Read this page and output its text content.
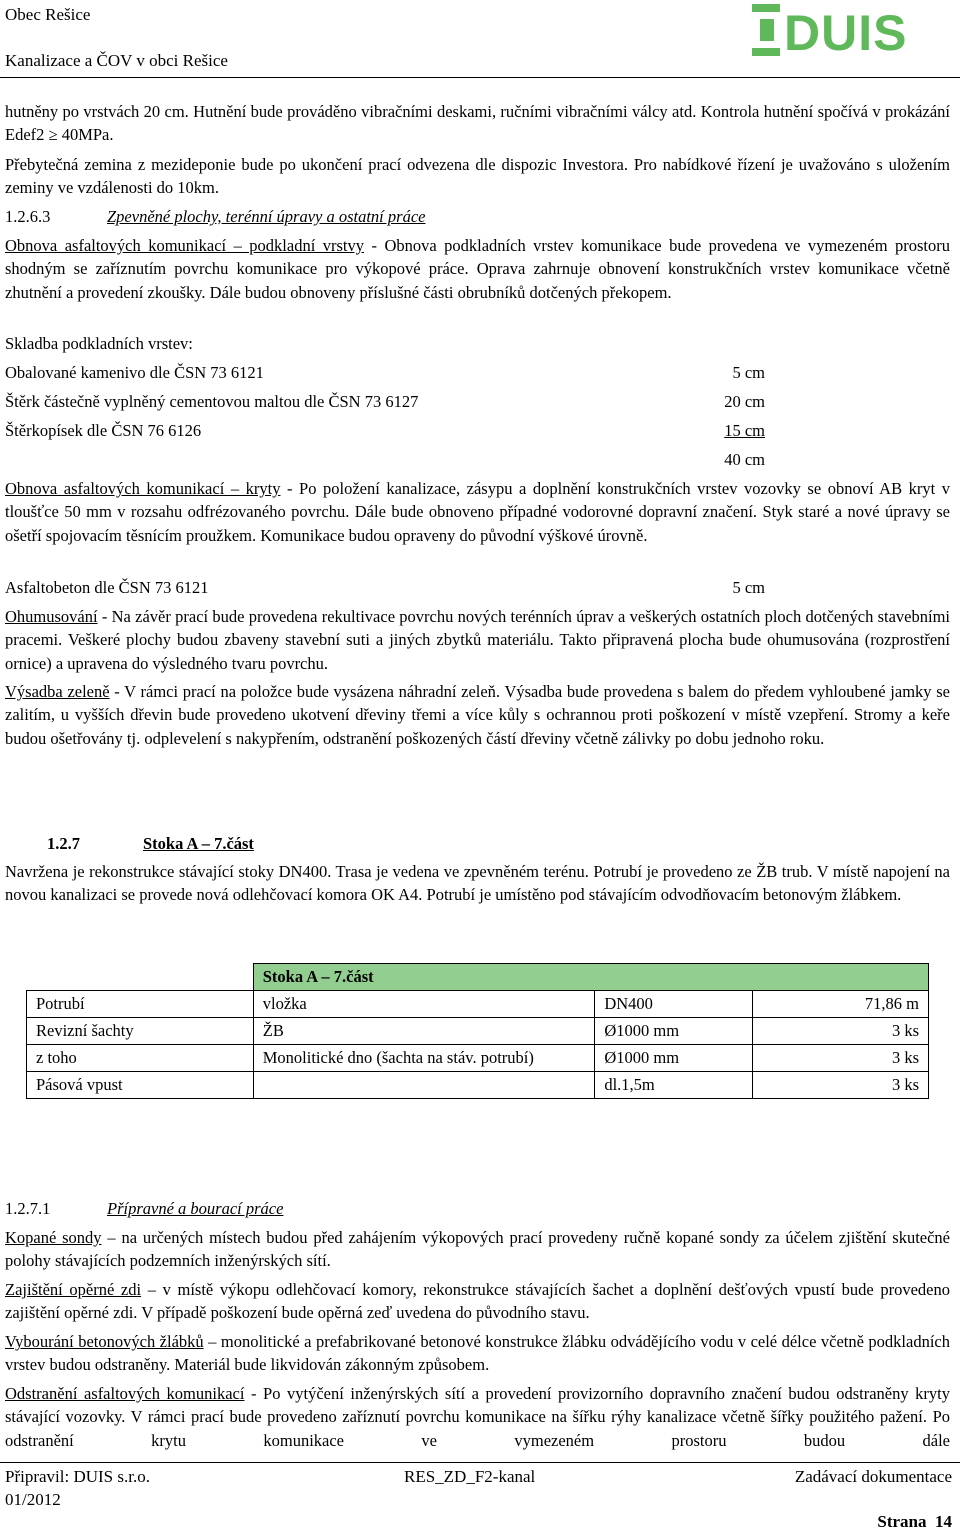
Obec Rešice
Kanalizace a ČOV v obci Rešice	DUIS

hutněny po vrstvách 20 cm. Hutnění bude prováděno vibračními deskami, ručními vibračními válcy atd. Kontrola hutnění spočívá v prokázání Edef2 ≥ 40MPa.

Přebytečná zemina z mezideponie bude po ukončení prací odvezena dle dispozic Investora. Pro nabídkové řízení je uvažováno s uložením zeminy ve vzdálenosti do 10km.

1.2.6.3	Zpevněné plochy, terénní úpravy a ostatní práce

Obnova asfaltových komunikací – podkladní vrstvy - Obnova podkladních vrstev komunikace bude provedena ve vymezeném prostoru shodným se zaříznutím povrchu komunikace pro výkopové práce. Oprava zahrnuje obnovení konstrukčních vrstev komunikace včetně zhutnění a provedení zkoušky. Dále budou obnoveny příslušné části obrubníků dotčených překopem.

Skladba podkladních vrstev:

Obalované kamenivo dle ČSN 73 6121	5 cm
Štěrk částečně vyplněný cementovou maltou dle ČSN 73 6127	20 cm
Štěrkopísek dle ČSN 76 6126	15 cm
40 cm

Obnova asfaltových komunikací – kryty - Po položení kanalizace, zásypu a doplnění konstrukčních vrstev vozovky se obnoví AB kryt v tloušťce 50 mm v rozsahu odfrézovaného povrchu. Dále bude obnoveno případné vodorovné dopravní značení. Styk staré a nové úpravy se ošetří spojovacím těsnícím proužkem. Komunikace budou opraveny do původní výškové úrovně.

Asfaltobeton dle ČSN 73 6121	5 cm

Ohumusování - Na závěr prací bude provedena rekultivace povrchu nových terénních úprav a veškerých ostatních ploch dotčených stavebními pracemi. Veškeré plochy budou zbaveny stavební suti a jiných zbytků materiálu. Takto připravená plocha bude ohumusována (rozprostření ornice) a upravena do výsledného tvaru povrchu.

Výsadba zeleně - V rámci prací na položce bude vysázena náhradní zeleň. Výsadba bude provedena s balem do předem vyhloubené jamky se zalitím, u vyšších dřevin bude provedeno ukotvení dřeviny třemi a více kůly s ochrannou proti poškození v místě vzepření. Stromy a keře budou ošetřovány tj. odplevelení s nakypřením, odstranění poškozených částí dřeviny včetně zálivky po dobu jednoho roku.

1.2.7	Stoka A – 7.část

Navržena je rekonstrukce stávající stoky DN400. Trasa je vedena ve zpevněném terénu. Potrubí je provedeno ze ŽB trub. V místě napojení na novou kanalizaci se provede nová odlehčovací komora OK A4. Potrubí je umístěno pod stávajícím odvodňovacím betonovým žlábkem.

	Stoka A – 7.část		
Potrubí	vložka	DN400	71,86 m
Revizní šachty	ŽB	Ø1000 mm	3 ks
z toho	Monolitické dno (šachta na stáv. potrubí)	Ø1000 mm	3 ks
Pásová vpust		dl.1,5m	3 ks
1.2.7.1	Přípravné a bourací práce

Kopané sondy – na určených místech budou před zahájením výkopových prací provedeny ručně kopané sondy za účelem zjištění skutečné polohy stávajících podzemních inženýrských sítí.

Zajištění opěrné zdi – v místě výkopu odlehčovací komory, rekonstrukce stávajících šachet a doplnění dešťových vpustí bude provedeno zajištění opěrné zdi. V případě poškození bude opěrná zeď uvedena do původního stavu.

Vybourání betonových žlábků – monolitické a prefabrikované betonové konstrukce žlábku odvádějícího vodu v celé délce včetně podkladních vrstev budou odstraněny. Materiál bude likvidován zákonným způsobem.

Odstranění asfaltových komunikací - Po vytýčení inženýrských sítí a provedení provizorního dopravního značení budou odstraněny kryty stávající vozovky. V rámci prací bude provedeno zaříznutí povrchu komunikace na šířku rýhy kanalizace včetně šířky použitého pažení. Po odstranění krytu komunikace ve vymezeném prostoru budou dále

Připravil: DUIS s.r.o.
01/2012
RES_ZD_F2-kanal	Zadávací dokumentace
Strana  14
